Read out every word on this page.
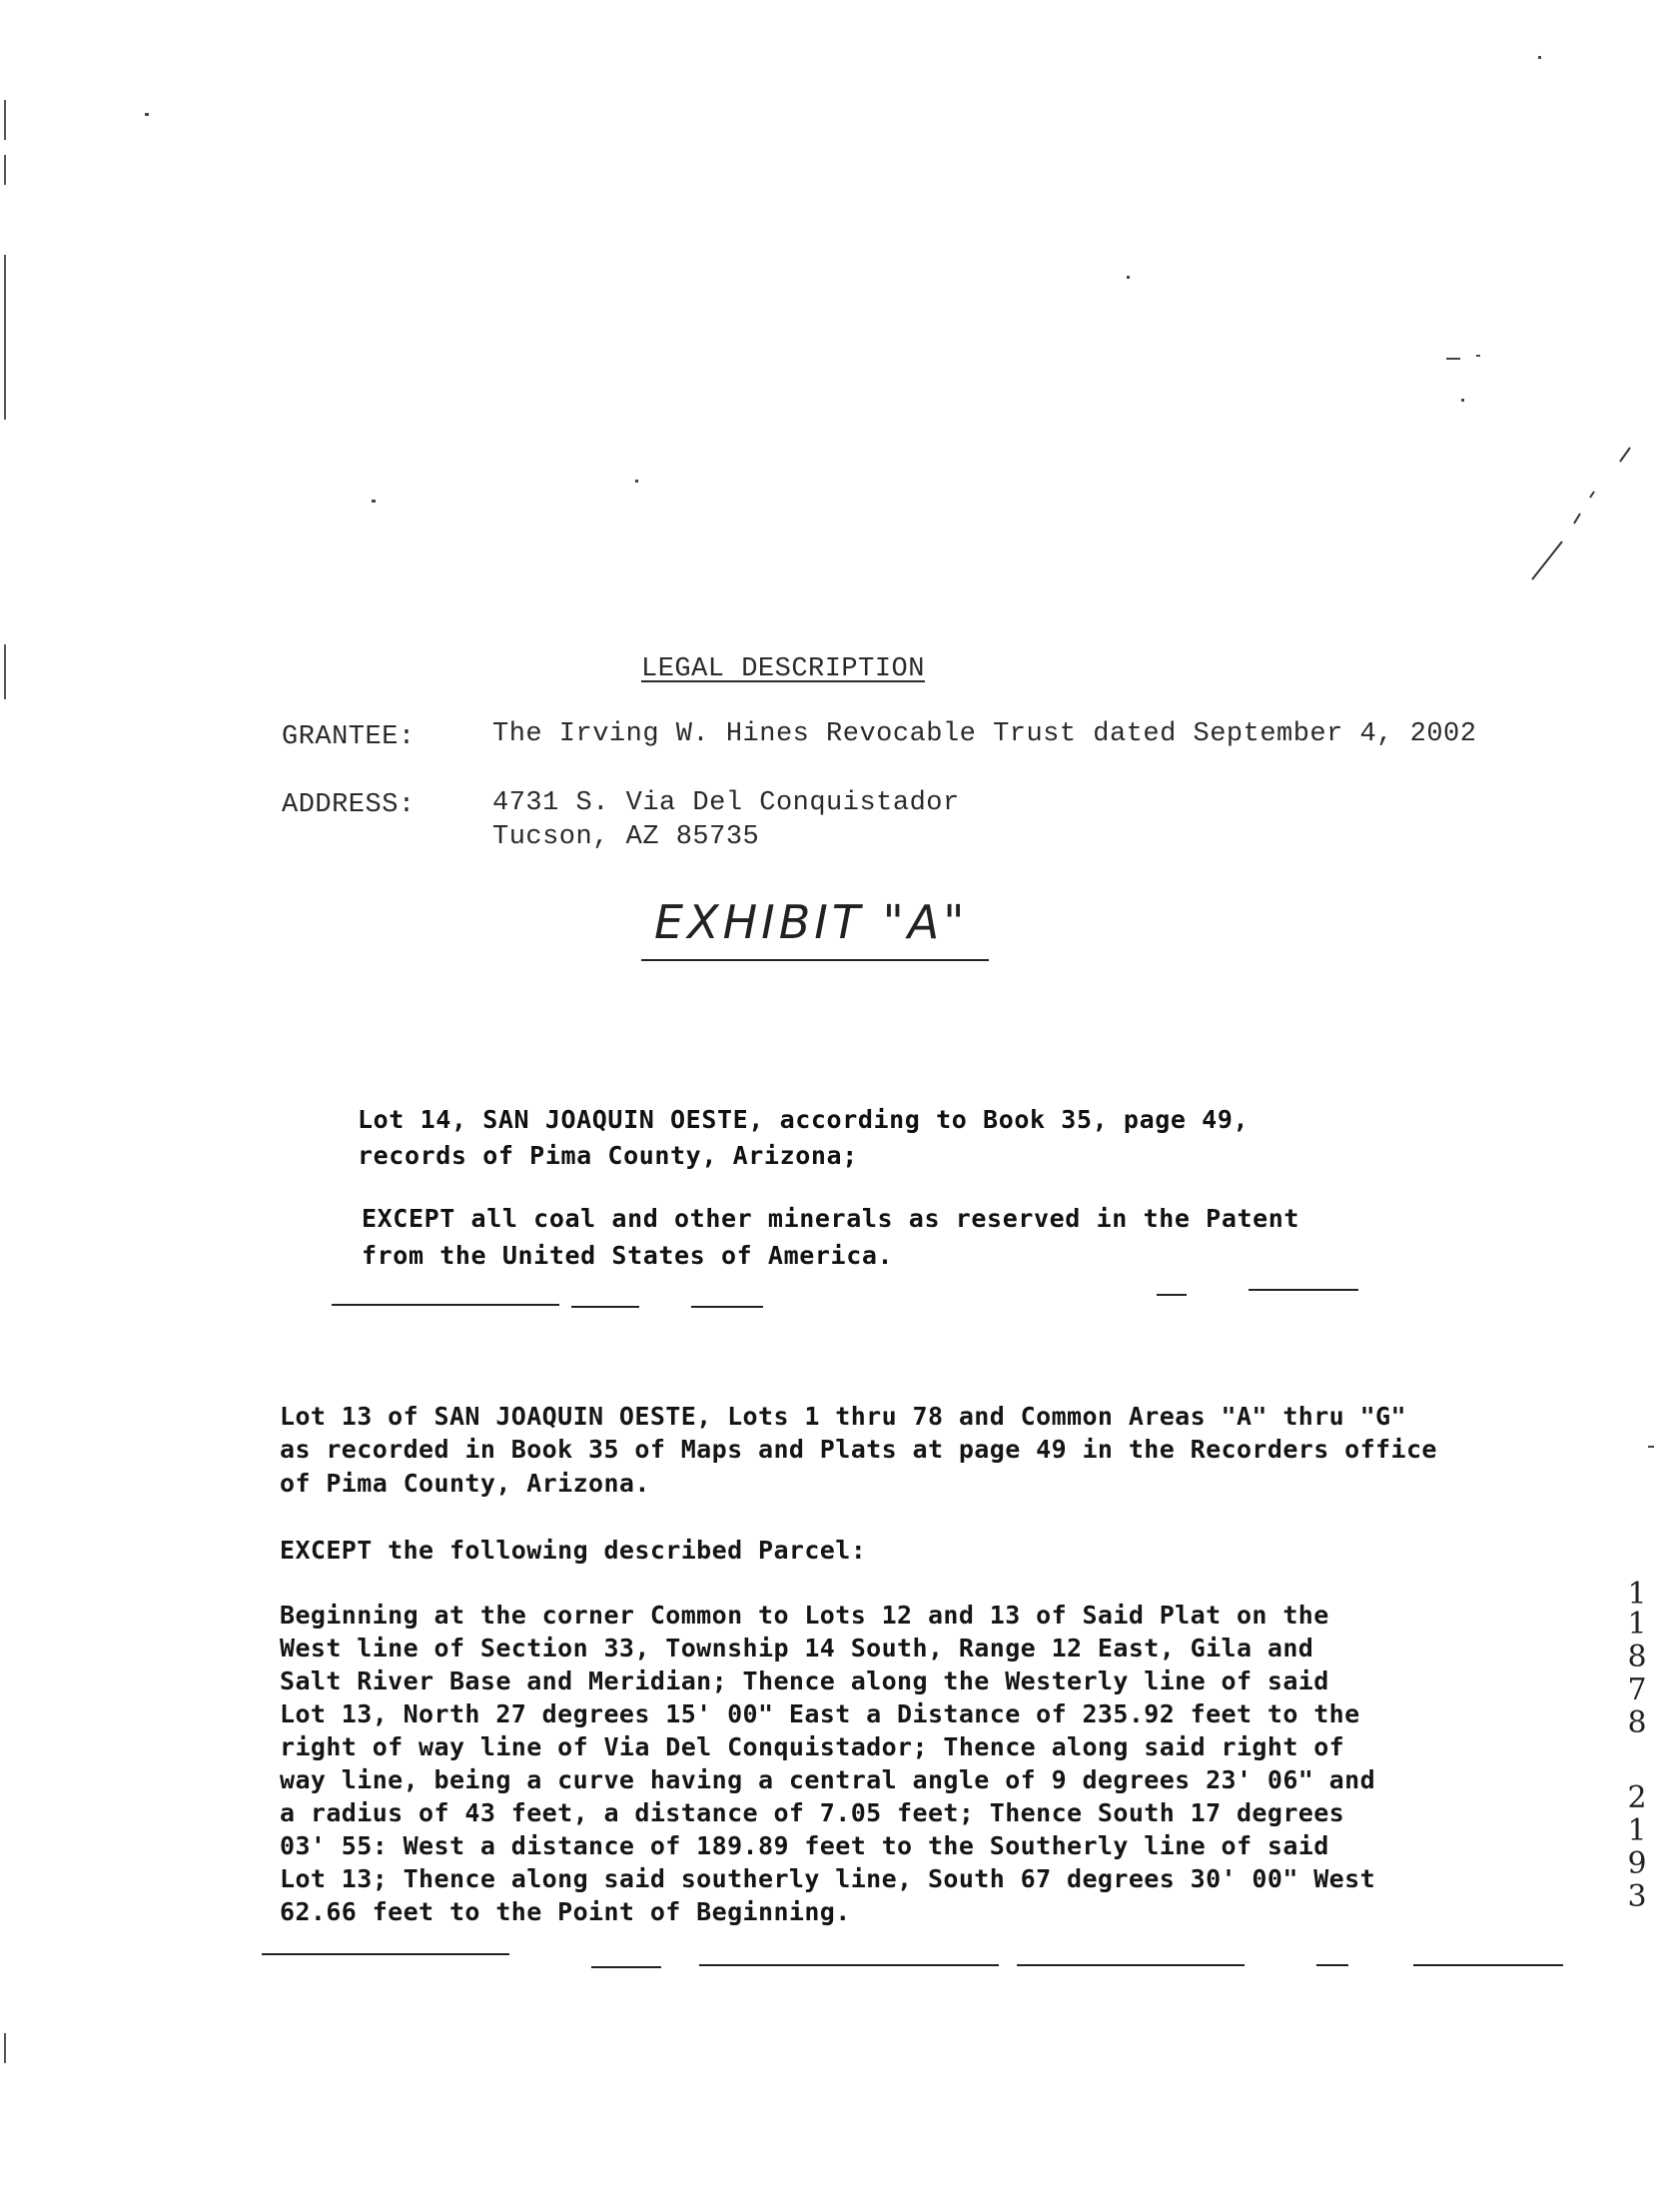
LEGAL DESCRIPTION
GRANTEE:	The Irving W. Hines Revocable Trust dated September 4, 2002
ADDRESS:	4731 S. Via Del Conquistador
Tucson, AZ 85735
EXHIBIT "A"
Lot 14, SAN JOAQUIN OESTE, according to Book 35, page 49,
records of Pima County, Arizona;
EXCEPT all coal and other minerals as reserved in the Patent
from the United States of America.
Lot 13 of SAN JOAQUIN OESTE, Lots 1 thru 78 and Common Areas "A" thru "G"
as recorded in Book 35 of Maps and Plats at page 49 in the Recorders office
of Pima County, Arizona.
EXCEPT the following described Parcel:
Beginning at the corner Common to Lots 12 and 13 of Said Plat on the
West line of Section 33, Township 14 South, Range 12 East, Gila and
Salt River Base and Meridian; Thence along the Westerly line of said
Lot 13, North 27 degrees 15' 00" East a Distance of 235.92 feet to the
right of way line of Via Del Conquistador; Thence along said right of
way line, being a curve having a central angle of 9 degrees 23' 06" and
a radius of 43 feet, a distance of 7.05 feet; Thence South 17 degrees
03' 55: West a distance of 189.89 feet to the Southerly line of said
Lot 13; Thence along said southerly line, South 67 degrees 30' 00" West
62.66 feet to the Point of Beginning.
1
1
8
7
8
2
1
9
3
